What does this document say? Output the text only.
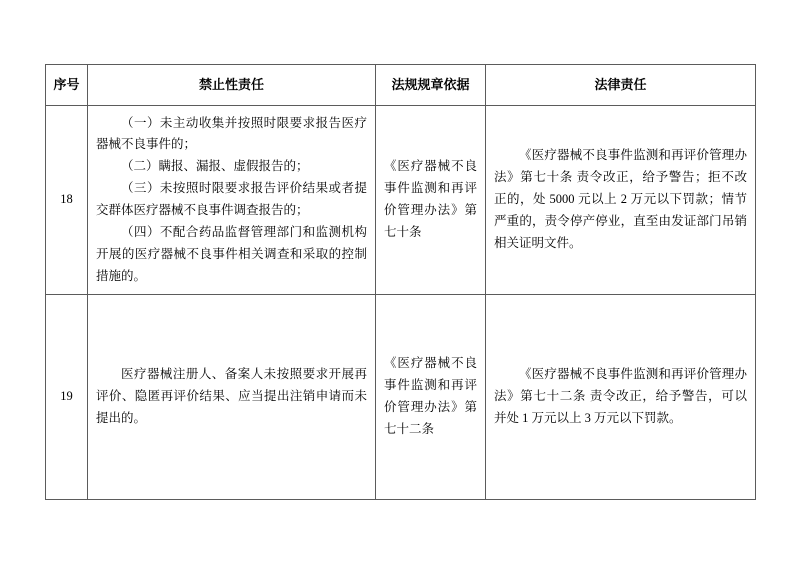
序号	禁止性责任	法规规章依据	法律责任
18	（一）未主动收集并按照时限要求报告医疗器械不良事件的；

（二）瞒报、漏报、虚假报告的；

（三）未按照时限要求报告评价结果或者提交群体医疗器械不良事件调查报告的；

（四）不配合药品监督管理部门和监测机构开展的医疗器械不良事件相关调查和采取的控制措施的。	《医疗器械不良事件监测和再评价管理办法》第七十条	《医疗器械不良事件监测和再评价管理办法》第七十条 责令改正，给予警告；拒不改正的，处 5000 元以上 2 万元以下罚款；情节严重的，责令停产停业，直至由发证部门吊销相关证明文件。

19	医疗器械注册人、备案人未按照要求开展再评价、隐匿再评价结果、应当提出注销申请而未提出的。	《医疗器械不良事件监测和再评价管理办法》第七十二条	《医疗器械不良事件监测和再评价管理办法》第七十二条 责令改正，给予警告，可以并处 1 万元以上 3 万元以下罚款。
